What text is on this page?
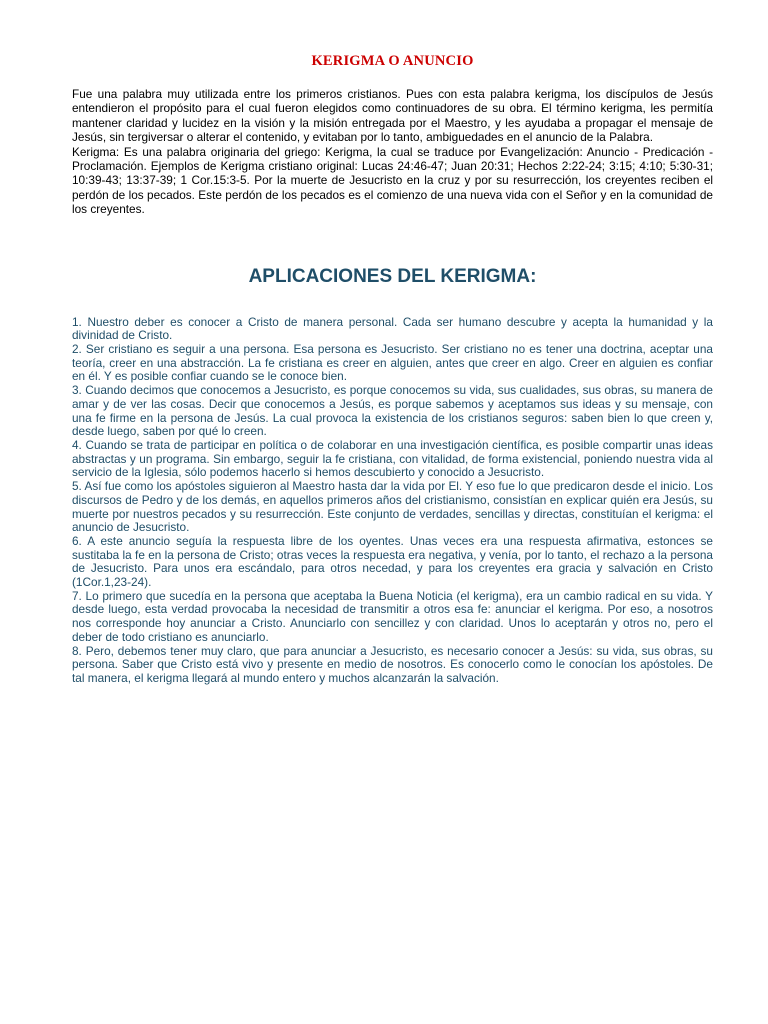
KERIGMA O ANUNCIO

Fue una palabra muy utilizada entre los primeros cristianos. Pues con esta palabra kerigma, los discípulos de Jesús entendieron el propósito para el cual fueron elegidos como continuadores de su obra. El término kerigma, les permitía mantener claridad y lucidez en la visión y la misión entregada por el Maestro, y les ayudaba a propagar el mensaje de Jesús, sin tergiversar o alterar el contenido, y evitaban por lo tanto, ambiguedades en el anuncio de la Palabra.

Kerigma: Es una palabra originaria del griego: Kerigma, la cual se traduce por Evangelización: Anuncio - Predicación - Proclamación. Ejemplos de Kerigma cristiano original: Lucas 24:46-47; Juan 20:31; Hechos 2:22-24; 3:15; 4:10; 5:30-31; 10:39-43; 13:37-39; 1 Cor.15:3-5. Por la muerte de Jesucristo en la cruz y por su resurrección, los creyentes reciben el perdón de los pecados. Este perdón de los pecados es el comienzo de una nueva vida con el Señor y en la comunidad de los creyentes.

APLICACIONES DEL KERIGMA:

1. Nuestro deber es conocer a Cristo de manera personal. Cada ser humano descubre y acepta la humanidad y la divinidad de Cristo.

2. Ser cristiano es seguir a una persona. Esa persona es Jesucristo. Ser cristiano no es tener una doctrina, aceptar una teoría, creer en una abstracción. La fe cristiana es creer en alguien, antes que creer en algo. Creer en alguien es confiar en él. Y es posible confiar cuando se le conoce bien.

3. Cuando decimos que conocemos a Jesucristo, es porque conocemos su vida, sus cualidades, sus obras, su manera de amar y de ver las cosas. Decir que conocemos a Jesús, es porque sabemos y aceptamos sus ideas y su mensaje, con una fe firme en la persona de Jesús. La cual provoca la existencia de los cristianos seguros: saben bien lo que creen y, desde luego, saben por qué lo creen.

4. Cuando se trata de participar en política o de colaborar en una investigación científica, es posible compartir unas ideas abstractas y un programa. Sin embargo, seguir la fe cristiana, con vitalidad, de forma existencial, poniendo nuestra vida al servicio de la Iglesia, sólo podemos hacerlo si hemos descubierto y conocido a Jesucristo.

5. Así fue como los apóstoles siguieron al Maestro hasta dar la vida por El. Y eso fue lo que predicaron desde el inicio. Los discursos de Pedro y de los demás, en aquellos primeros años del cristianismo, consistían en explicar quién era Jesús, su muerte por nuestros pecados y su resurrección. Este conjunto de verdades, sencillas y directas, constituían el kerigma: el anuncio de Jesucristo.

6. A este anuncio seguía la respuesta libre de los oyentes. Unas veces era una respuesta afirmativa, estonces se sustitaba la fe en la persona de Cristo; otras veces la respuesta era negativa, y venía, por lo tanto, el rechazo a la persona de Jesucristo. Para unos era escándalo, para otros necedad, y para los creyentes era gracia y salvación en Cristo (1Cor.1,23-24).

7. Lo primero que sucedía en la persona que aceptaba la Buena Noticia (el kerigma), era un cambio radical en su vida. Y desde luego, esta verdad provocaba la necesidad de transmitir a otros esa fe: anunciar el kerigma. Por eso, a nosotros nos corresponde hoy anunciar a Cristo. Anunciarlo con sencillez y con claridad. Unos lo aceptarán y otros no, pero el deber de todo cristiano es anunciarlo.

8. Pero, debemos tener muy claro, que para anunciar a Jesucristo, es necesario conocer a Jesús: su vida, sus obras, su persona. Saber que Cristo está vivo y presente en medio de nosotros. Es conocerlo como le conocían los apóstoles. De tal manera, el kerigma llegará al mundo entero y muchos alcanzarán la salvación.
